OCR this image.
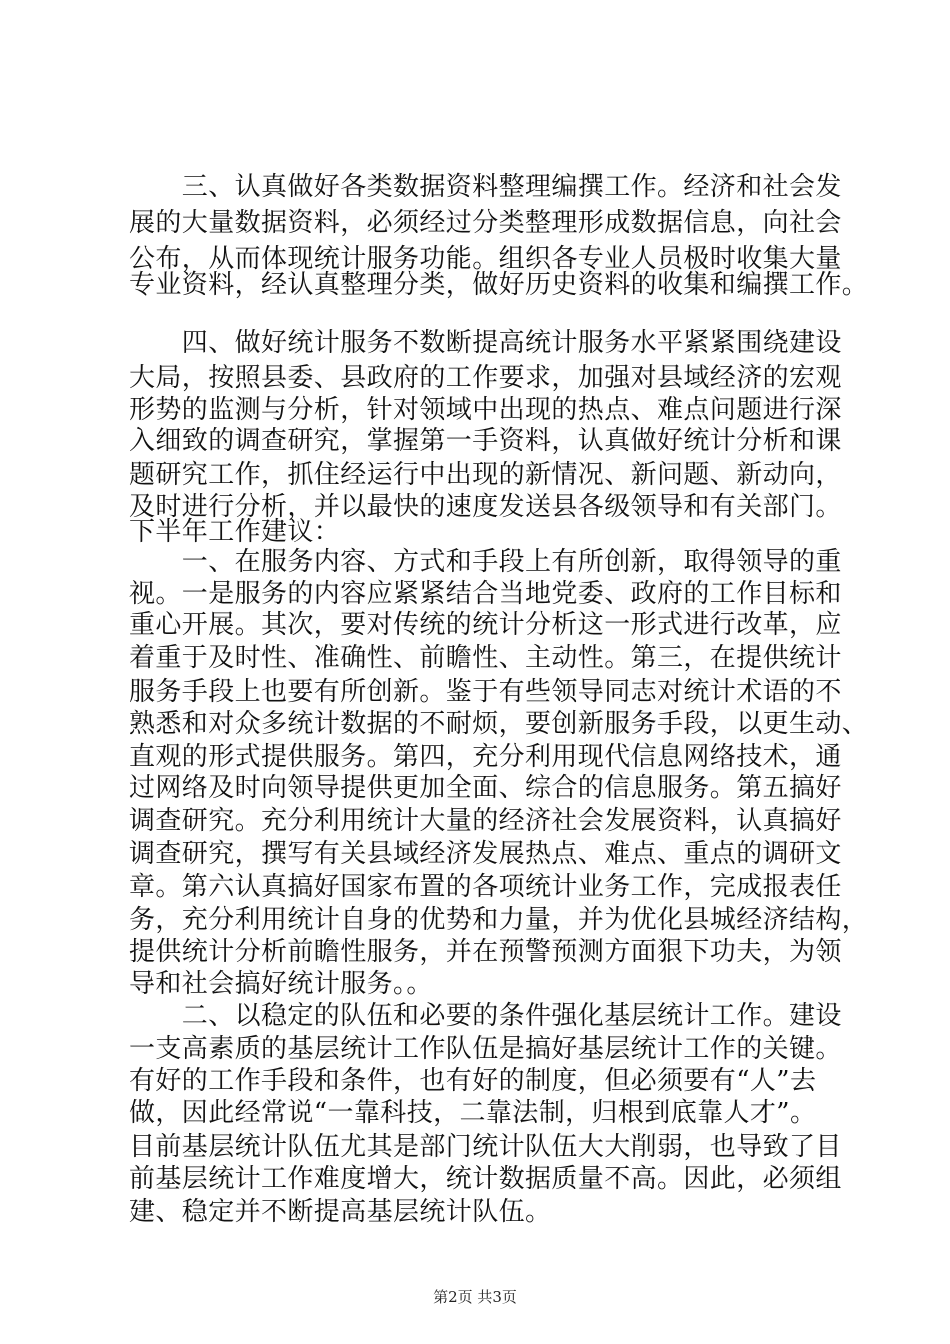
　　三、认真做好各类数据资料整理编撰工作。经济和社会发
展的大量数据资料，必须经过分类整理形成数据信息，向社会
公布，从而体现统计服务功能。组织各专业人员极时收集大量
专业资料，经认真整理分类，做好历史资料的收集和编撰工作。
　　四、做好统计服务不数断提高统计服务水平紧紧围绕建设
大局，按照县委、县政府的工作要求，加强对县域经济的宏观
形势的监测与分析，针对领域中出现的热点、难点问题进行深
入细致的调查研究，掌握第一手资料，认真做好统计分析和课
题研究工作，抓住经运行中出现的新情况、新问题、新动向，
及时进行分析，并以最快的速度发送县各级领导和有关部门。
下半年工作建议：
　　一、在服务内容、方式和手段上有所创新，取得领导的重
视。一是服务的内容应紧紧结合当地党委、政府的工作目标和
重心开展。其次，要对传统的统计分析这一形式进行改革，应
着重于及时性、准确性、前瞻性、主动性。第三，在提供统计
服务手段上也要有所创新。鉴于有些领导同志对统计术语的不
熟悉和对众多统计数据的不耐烦，要创新服务手段，以更生动、
直观的形式提供服务。第四，充分利用现代信息网络技术，通
过网络及时向领导提供更加全面、综合的信息服务。第五搞好
调查研究。充分利用统计大量的经济社会发展资料，认真搞好
调查研究，撰写有关县域经济发展热点、难点、重点的调研文
章。第六认真搞好国家布置的各项统计业务工作，完成报表任
务，充分利用统计自身的优势和力量，并为优化县城经济结构，
提供统计分析前瞻性服务，并在预警预测方面狠下功夫，为领
导和社会搞好统计服务。。
　　二、以稳定的队伍和必要的条件强化基层统计工作。建设
一支高素质的基层统计工作队伍是搞好基层统计工作的关键。
有好的工作手段和条件，也有好的制度，但必须要有“人”去
做，因此经常说“一靠科技，二靠法制，归根到底靠人才”。
目前基层统计队伍尤其是部门统计队伍大大削弱，也导致了目
前基层统计工作难度增大，统计数据质量不高。因此，必须组
建、稳定并不断提高基层统计队伍。
第2页 共3页
